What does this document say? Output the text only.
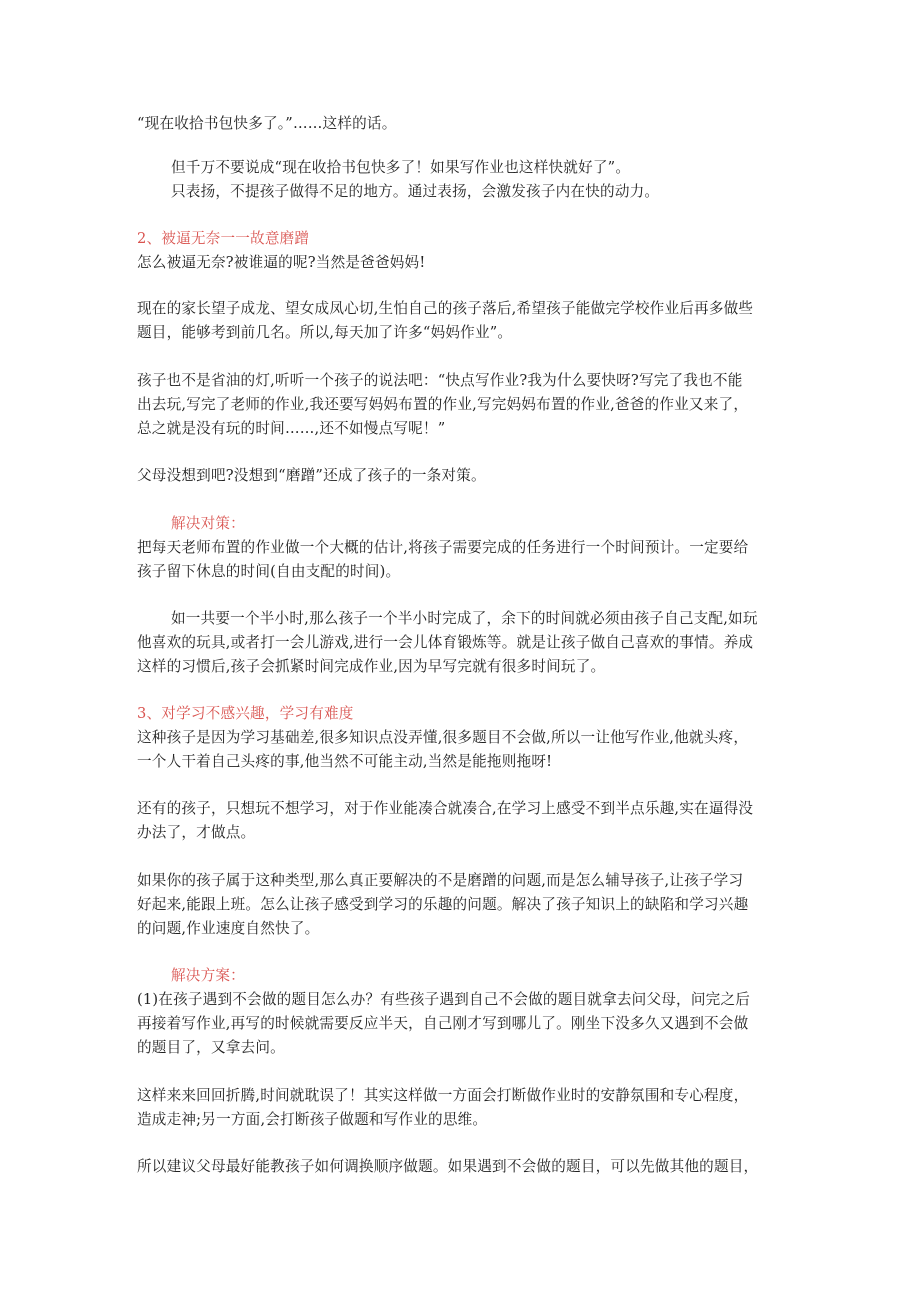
“现在收拾书包快多了。”……这样的话。
但千万不要说成“现在收拾书包快多了！如果写作业也这样快就好了”。
只表扬，不提孩子做得不足的地方。通过表扬，会激发孩子内在快的动力。
2、被逼无奈一一故意磨蹭
怎么被逼无奈?被谁逼的呢?当然是爸爸妈妈!
现在的家长望子成龙、望女成凤心切,生怕自己的孩子落后,希望孩子能做完学校作业后再多做些
题目，能够考到前几名。所以,每天加了许多“妈妈作业”。
孩子也不是省油的灯,听听一个孩子的说法吧：“快点写作业?我为什么要快呀?写完了我也不能
出去玩,写完了老师的作业,我还要写妈妈布置的作业,写完妈妈布置的作业,爸爸的作业又来了，
总之就是没有玩的时间……,还不如慢点写呢！”
父母没想到吧?没想到“磨蹭”还成了孩子的一条对策。
解决对策：
把每天老师布置的作业做一个大概的估计,将孩子需要完成的任务进行一个时间预计。一定要给
孩子留下休息的时间(自由支配的时间)。
如一共要一个半小时,那么孩子一个半小时完成了，余下的时间就必须由孩子自己支配,如玩
他喜欢的玩具,或者打一会儿游戏,进行一会儿体育锻炼等。就是让孩子做自己喜欢的事情。养成
这样的习惯后,孩子会抓紧时间完成作业,因为早写完就有很多时间玩了。
3、对学习不感兴趣，学习有难度
这种孩子是因为学习基础差,很多知识点没弄懂,很多题目不会做,所以一让他写作业,他就头疼，
一个人干着自己头疼的事,他当然不可能主动,当然是能拖则拖呀!
还有的孩子，只想玩不想学习，对于作业能凑合就凑合,在学习上感受不到半点乐趣,实在逼得没
办法了，才做点。
如果你的孩子属于这种类型,那么真正要解决的不是磨蹭的问题,而是怎么辅导孩子,让孩子学习
好起来,能跟上班。怎么让孩子感受到学习的乐趣的问题。解决了孩子知识上的缺陷和学习兴趣
的问题,作业速度自然快了。
解决方案：
(1)在孩子遇到不会做的题目怎么办？有些孩子遇到自己不会做的题目就拿去问父母，问完之后
再接着写作业,再写的时候就需要反应半天，自己刚才写到哪儿了。刚坐下没多久又遇到不会做
的题目了，又拿去问。
这样来来回回折腾,时间就耽误了！其实这样做一方面会打断做作业时的安静氛围和专心程度，
造成走神;另一方面,会打断孩子做题和写作业的思维。
所以建议父母最好能教孩子如何调换顺序做题。如果遇到不会做的题目，可以先做其他的题目，
